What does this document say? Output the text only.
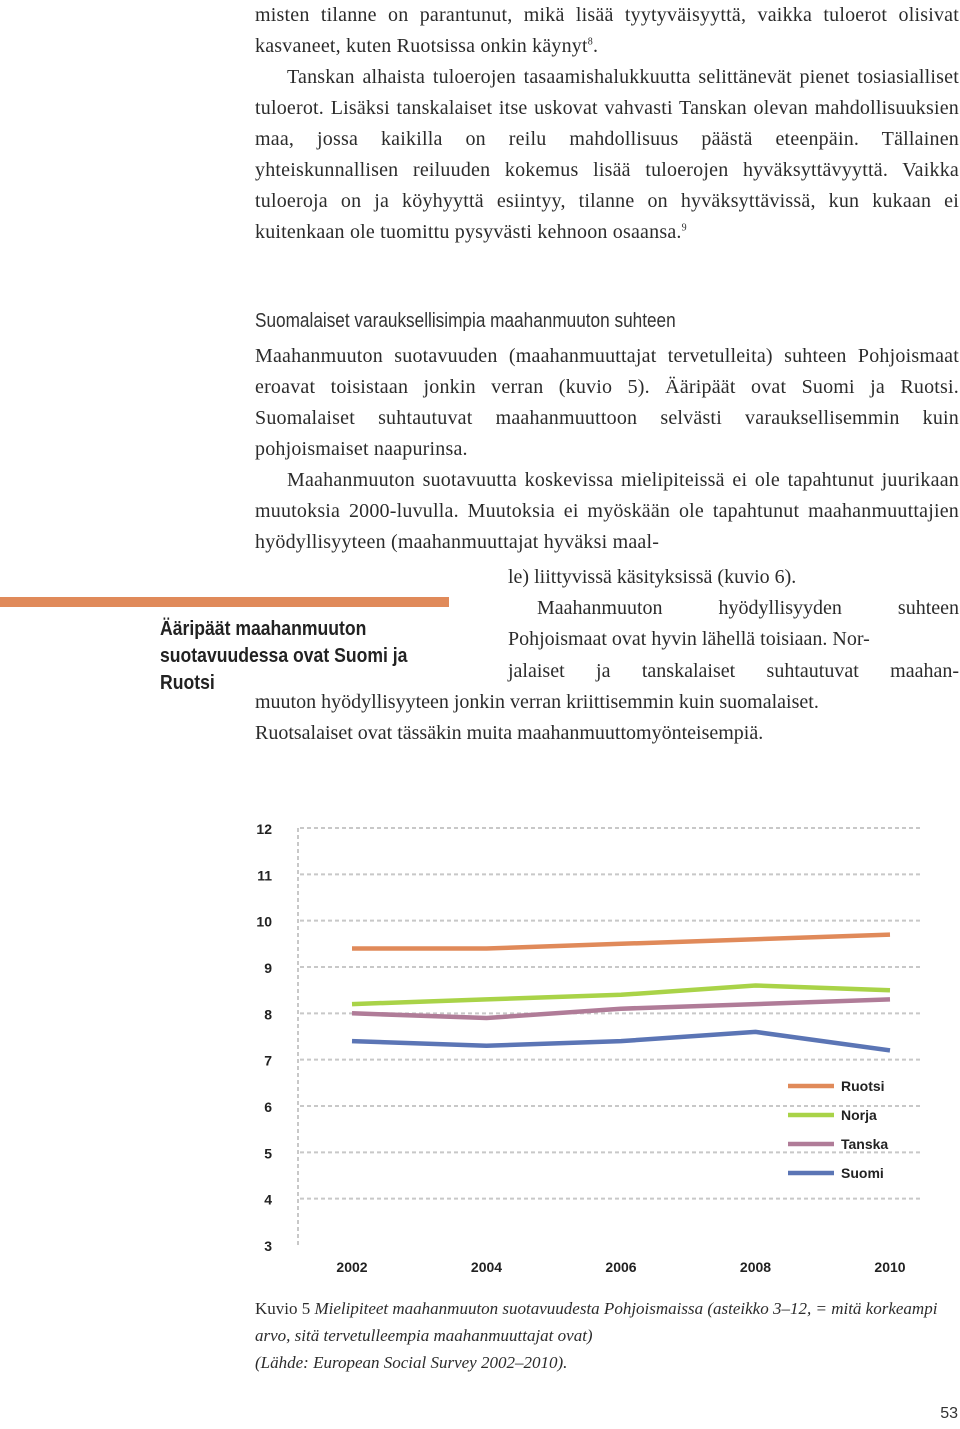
misten tilanne on parantunut, mikä lisää tyytyväisyyttä, vaikka tuloerot olisivat kasvaneet, kuten Ruotsissa onkin käynyt$^8$.

Tanskan alhaista tuloerojen tasaamishalukkuutta selittänevät pienet tosiasialliset tuloerot. Lisäksi tanskalaiset itse uskovat vahvasti Tanskan olevan mahdollisuuksien maa, jossa kaikilla on reilu mahdollisuus päästä eteenpäin. Tällainen yhteiskunnallisen reiluuden kokemus lisää tuloerojen hyväksyttävyyttä. Vaikka tuloeroja on ja köyhyyttä esiintyy, tilanne on hyväksyttävissä, kun kukaan ei kuitenkaan ole tuomittu pysyvästi kehnoon osaansa.$^9$

Suomalaiset varauksellisimpia maahanmuuton suhteen

Maahanmuuton suotavuuden (maahanmuuttajat tervetulleita) suhteen Pohjoismaat eroavat toisistaan jonkin verran (kuvio 5). Ääripäät ovat Suomi ja Ruotsi. Suomalaiset suhtautuvat maahanmuuttoon selvästi varauksellisemmin kuin pohjoismaiset naapurinsa.

Maahanmuuton suotavuutta koskevissa mielipiteissä ei ole tapahtunut juurikaan muutoksia 2000-luvulla. Muutoksia ei myöskään ole tapahtunut maahanmuuttajien hyödyllisyyteen (maahanmuuttajat hyväksi maal-

le) liittyvissä käsityksissä (kuvio 6).
Maahanmuuton hyödyllisyyden suhteen
Pohjoismaat ovat hyvin lähellä toisiaan. Nor-
jalaiset ja tanskalaiset suhtautuvat maahan-
muuton hyödyllisyyteen jonkin verran kriittisemmin kuin suomalaiset.
Ruotsalaiset ovat tässäkin muita maahanmuuttomyönteisempiä.
Ääripäät maahanmuuton suotavuudessa ovat Suomi ja Ruotsi
12
11
10
9
8
7
6
5
4
3
2002	2004	2006	2008	2010
Ruotsi
Norja
Tanska
Suomi
Kuvio 5 Mielipiteet maahanmuuton suotavuudesta Pohjoismaissa (asteikko 3–12, = mitä korkeampi arvo, sitä tervetulleempia maahanmuuttajat ovat)
(Lähde: European Social Survey 2002–2010).
53
